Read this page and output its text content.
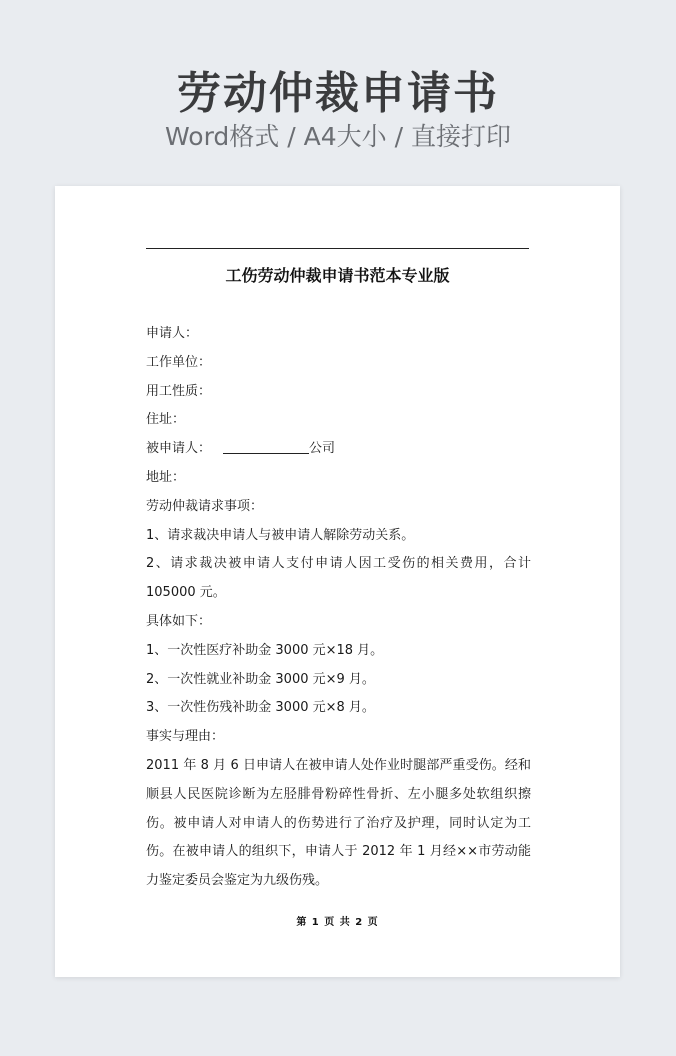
劳动仲裁申请书
Word格式 / A4大小 / 直接打印
工伤劳动仲裁申请书范本专业版
申请人：
工作单位：
用工性质：
住址：
被申请人：	公司
地址：
劳动仲裁请求事项：
1、请求裁决申请人与被申请人解除劳动关系。
2、请求裁决被申请人支付申请人因工受伤的相关费用，合计 105000 元。
具体如下：
1、一次性医疗补助金 3000 元×18 月。
2、一次性就业补助金 3000 元×9 月。
3、一次性伤残补助金 3000 元×8 月。
事实与理由：
2011 年 8 月 6 日申请人在被申请人处作业时腿部严重受伤。经和顺县人民医院诊断为左胫腓骨粉碎性骨折、左小腿多处软组织擦伤。被申请人对申请人的伤势进行了治疗及护理，同时认定为工伤。在被申请人的组织下，申请人于 2012 年 1 月经××市劳动能力鉴定委员会鉴定为九级伤残。
第 1 页 共 2 页
